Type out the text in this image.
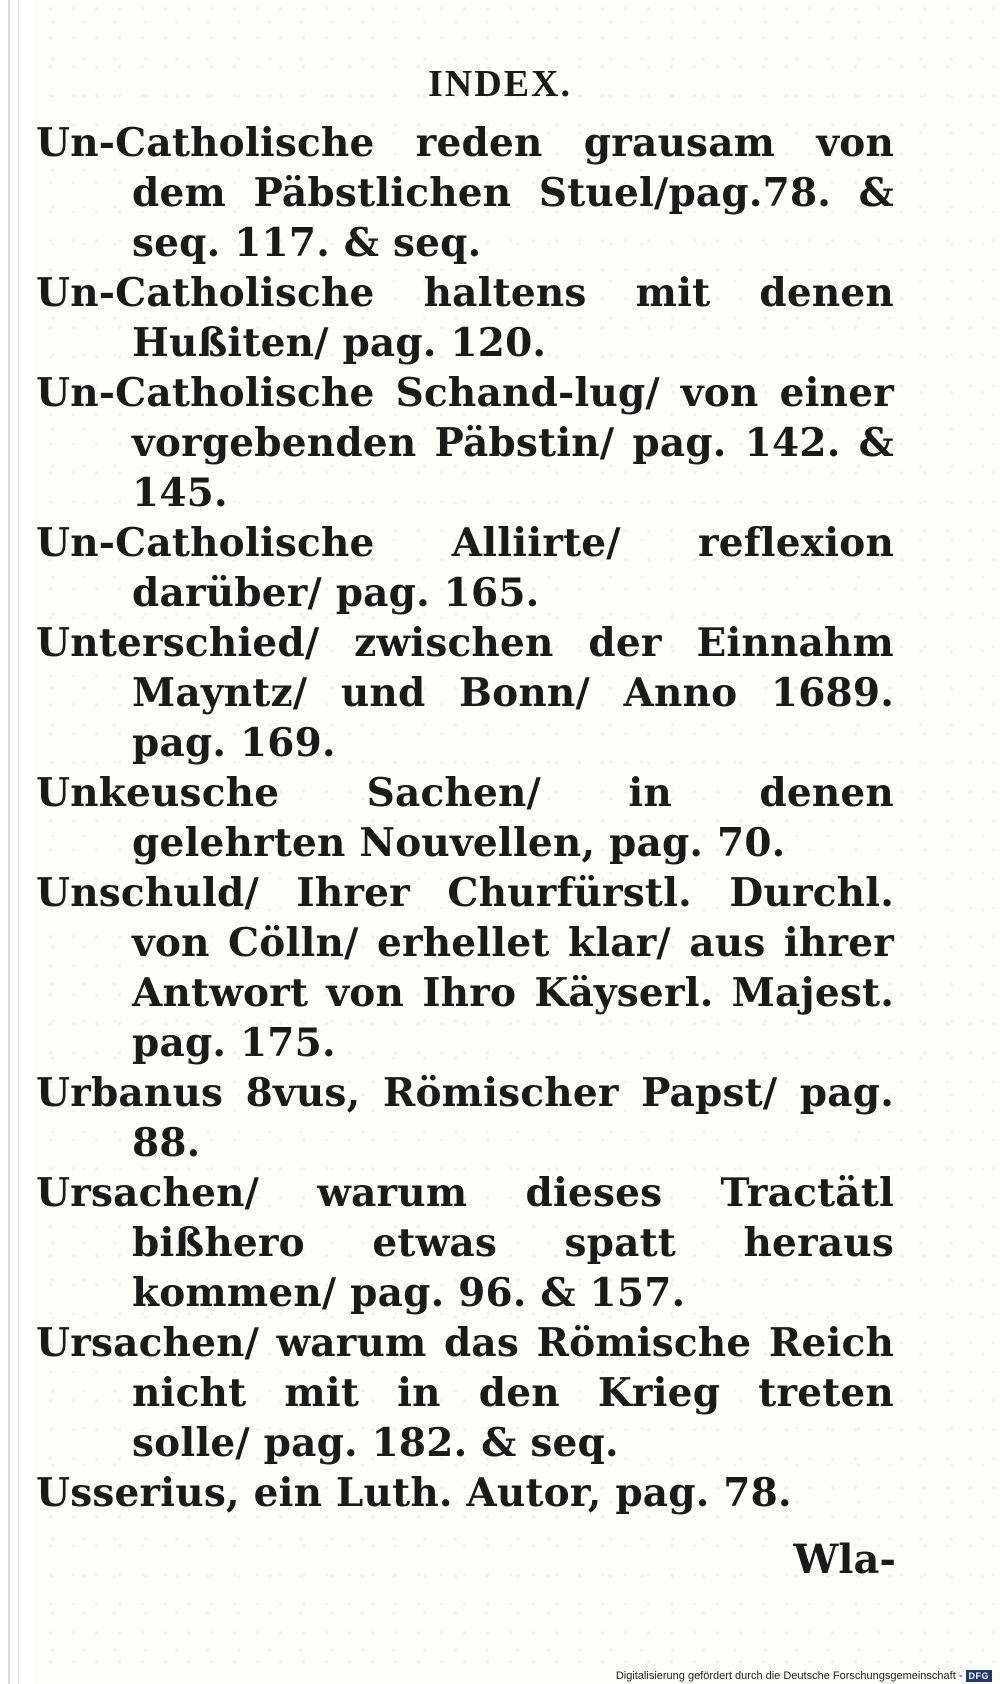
INDEX.

Un-Catholische reden grausam von dem Päbstlichen Stuel/pag.78. & seq. 117. & seq.

Un-Catholische haltens mit denen Hußiten/ pag. 120.

Un-Catholische Schand-lug/ von einer vorgebenden Päbstin/ pag. 142. & 145.

Un-Catholische Alliirte/ reflexion darüber/ pag. 165.

Unterschied/ zwischen der Einnahm Mayntz/ und Bonn/ Anno 1689. pag. 169.

Unkeusche Sachen/ in denen gelehrten Nouvellen, pag. 70.

Unschuld/ Ihrer Churfürstl. Durchl. von Cölln/ erhellet klar/ aus ihrer Antwort von Ihro Käyserl. Majest. pag. 175.

Urbanus 8vus, Römischer Papst/ pag. 88.

Ursachen/ warum dieses Tractätl bißhero etwas spatt heraus kommen/ pag. 96. & 157.

Ursachen/ warum das Römische Reich nicht mit in den Krieg treten solle/ pag. 182. & seq.

Usserius, ein Luth. Autor, pag. 78.

Wla-
Digitalisierung gefördert durch die Deutsche Forschungsgemeinschaft - DFG
